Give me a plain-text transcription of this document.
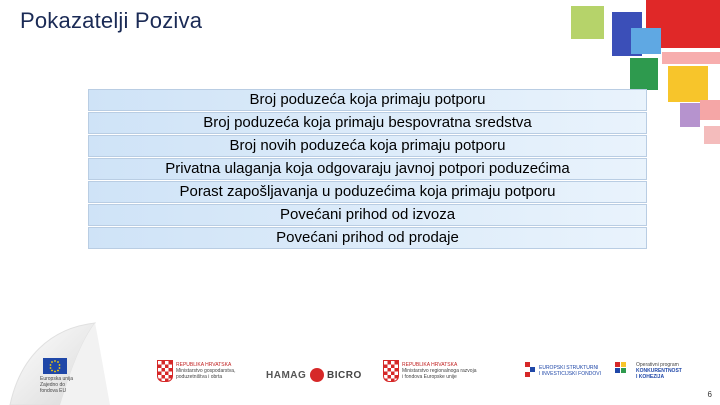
Pokazatelji Poziva
Broj poduzeća koja primaju potporu
Broj poduzeća koja primaju bespovratna sredstva
Broj novih poduzeća koja primaju potporu
Privatna ulaganja koja odgovaraju javnoj potpori poduzećima
Porast zapošljavanja u poduzećima koja primaju potporu
Povećani prihod od izvoza
Povećani prihod od prodaje
Europska unija
Zajedno do fondova EU
REPUBLIKA HRVATSKA
Ministarstvo gospodarstva,
poduzetništva i obrta	HAMAG BICRO
REPUBLIKA HRVATSKA
Ministarstvo regionalnoga razvoja
i fondova Europske unije
EUROPSKI STRUKTURNI
I INVESTICIJSKI FONDOVI
Operativni program
KONKURENTNOST
I KOHEZIJA
6
